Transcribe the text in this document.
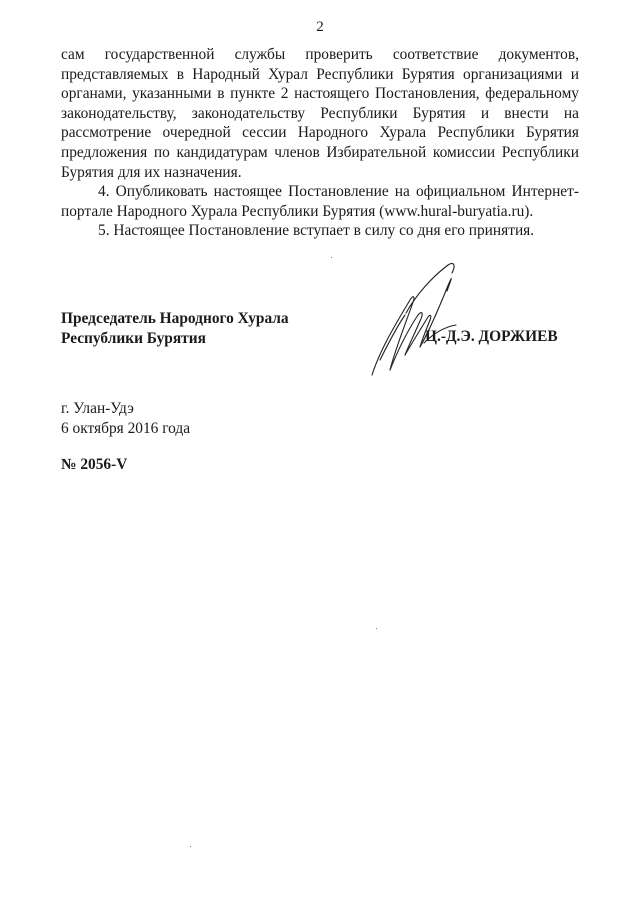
2

сам государственной службы проверить соответствие документов, представляемых в Народный Хурал Республики Бурятия организациями и органами, указанными в пункте 2 настоящего Постановления, федеральному законодательству, законодательству Республики Бурятия и внести на рассмотрение очередной сессии Народного Хурала Республики Бурятия предложения по кандидатурам членов Избирательной комиссии Республики Бурятия для их назначения.

4. Опубликовать настоящее Постановление на официальном Интернет-портале Народного Хурала Республики Бурятия (www.hural-buryatia.ru).

5. Настоящее Постановление вступает в силу со дня его принятия.

Председатель Народного Хурала
Республики Бурятия	Ц.-Д.Э. ДОРЖИЕВ
г. Улан-Удэ
6 октября 2016 года
№ 2056-V
